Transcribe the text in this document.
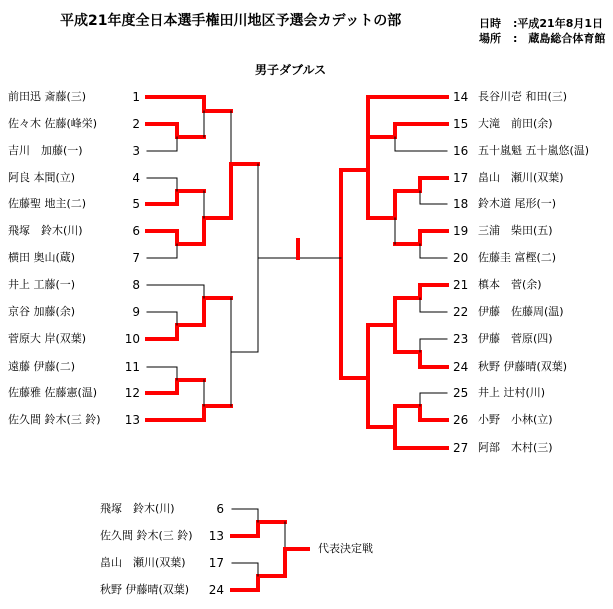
平成21年度全日本選手権田川地区予選会カデットの部	日時 :平成21年8月1日
場所 :　蔵島総合体育館
男子ダブルス
前田迅 斎藤(三)	1
佐々木 佐藤(峰栄)	2
吉川　加藤(一)	3
阿良 本間(立)	4
佐藤聖 地主(二)	5
飛塚　鈴木(川)	6
横田 奥山(蔵)	7
井上 工藤(一)	8
京谷 加藤(余)	9
菅原大 岸(双葉)	10
遠藤 伊藤(二)	11
佐藤雅 佐藤憲(温) 12
佐久間 鈴木(三 鈴) 13
14 長谷川壱 和田(三)
15 大滝　前田(余)
16 五十嵐魁 五十嵐悠(温)
17 畠山　瀬川(双葉)
18 鈴木道 尾形(一)
19 三浦　柴田(五)
20 佐藤圭 富樫(二)
21 槙本　菅(余)
22 伊藤　佐藤周(温)
23 伊藤　菅原(四)
24 秋野 伊藤晴(双葉)
25 井上 辻村(川)
26 小野　小林(立)
27 阿部　木村(三)
飛塚　鈴木(川)	6
佐久間 鈴木(三 鈴) 13
畠山　瀬川(双葉) 17
秋野 伊藤晴(双葉) 24
代表決定戦
